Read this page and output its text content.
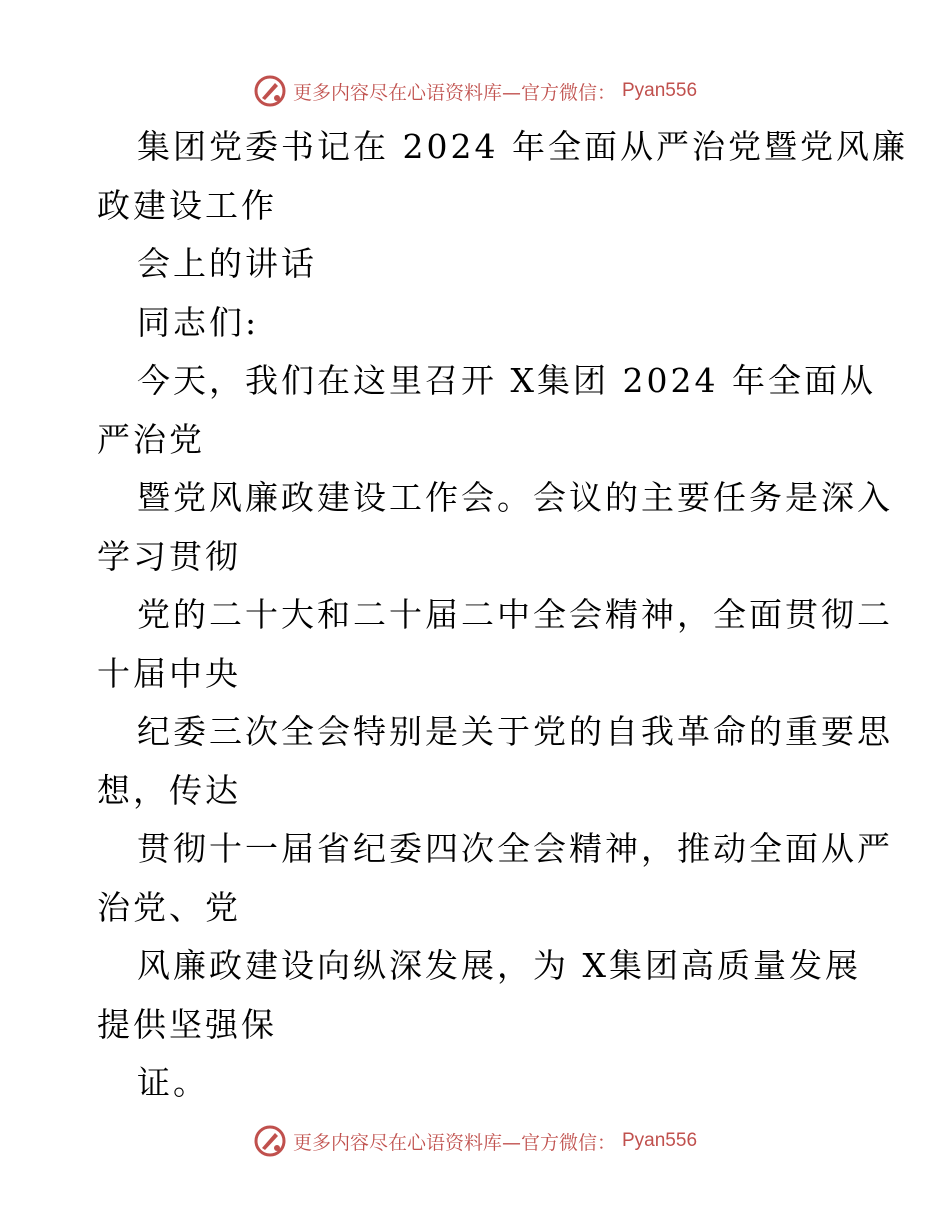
更多内容尽在心语资料库—官方微信： Pyan556
集团党委书记在 2024 年全面从严治党暨党风廉
政建设工作
会上的讲话
同志们:
今天，我们在这里召开 X集团 2024 年全面从
严治党
暨党风廉政建设工作会。会议的主要任务是深入
学习贯彻
党的二十大和二十届二中全会精神，全面贯彻二
十届中央
纪委三次全会特别是关于党的自我革命的重要思
想，传达
贯彻十一届省纪委四次全会精神，推动全面从严
治党、党
风廉政建设向纵深发展，为 X集团高质量发展
提供坚强保
证。
更多内容尽在心语资料库—官方微信： Pyan556
